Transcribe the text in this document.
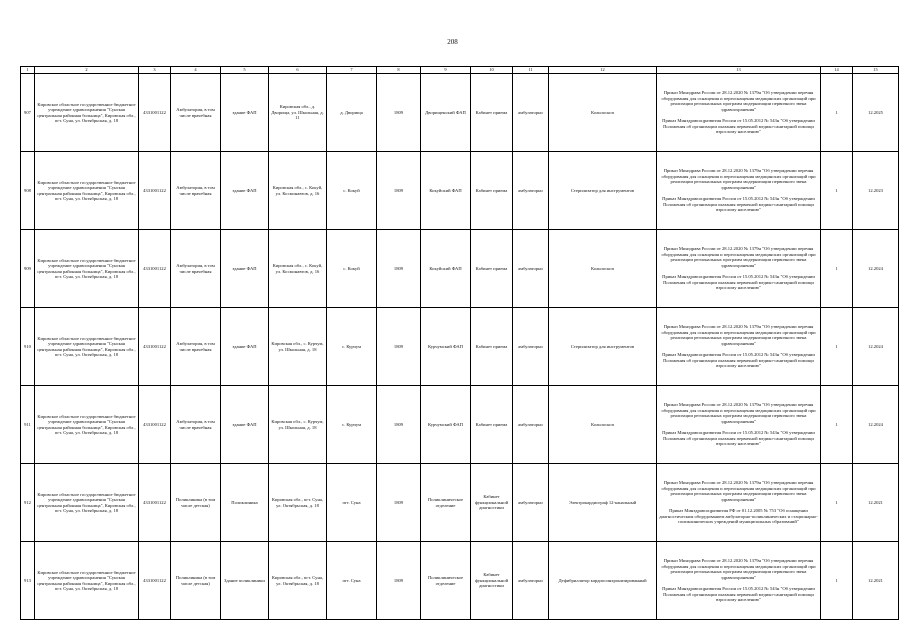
208
1	2	3	4	5	6	7	8	9	10	11	12	13	14	15
907	Кировское областное государственное бюджетное учреждение здравоохранения "Сунская центральная районная больница", Кировская обл., пгт. Суна, ул. Октябрьская, д. 18	4331001122	Амбулатория, в том числе врачебная	здание ФАП	Кировская обл., д. Дворища, ул. Школьная, д. 11	д. Дворища	1809	Дворищенский ФАП	Кабинет приема	амбулаторно	Кольпоскоп	Приказ Минздрава России от 28.12.2020 № 1379н "Об утверждении перечня оборудования для оснащения и переоснащения медицинских организаций при реализации региональных программ модернизации первичного звена здравоохранения"
Приказ Минздравсоцразвития России от 15.05.2012 № 543н "Об утверждении Положения об организации оказания первичной медико-санитарной помощи взрослому населению"	1	12.2025
908	Кировское областное государственное бюджетное учреждение здравоохранения "Сунская центральная районная больница", Кировская обл., пгт. Суна, ул. Октябрьская, д. 18	4331001122	Амбулатория, в том числе врачебная	здание ФАП	Кировская обл., с. Кокуй, ул. Космонавтов, д. 16	с. Кокуй	1809	Кокуйский ФАП	Кабинет приема	амбулаторно	Стерилизатор для инструментов	Приказ Минздрава России от 28.12.2020 № 1379н "Об утверждении перечня оборудования для оснащения и переоснащения медицинских организаций при реализации региональных программ модернизации первичного звена здравоохранения"
Приказ Минздравсоцразвития России от 15.05.2012 № 543н "Об утверждении Положения об организации оказания первичной медико-санитарной помощи взрослому населению"	1	12.2023
909	Кировское областное государственное бюджетное учреждение здравоохранения "Сунская центральная районная больница", Кировская обл., пгт. Суна, ул. Октябрьская, д. 18	4331001122	Амбулатория, в том числе врачебная	здание ФАП	Кировская обл., с. Кокуй, ул. Космонавтов, д. 16	с. Кокуй	1809	Кокуйский ФАП	Кабинет приема	амбулаторно	Кольпоскоп	Приказ Минздрава России от 28.12.2020 № 1379н "Об утверждении перечня оборудования для оснащения и переоснащения медицинских организаций при реализации региональных программ модернизации первичного звена здравоохранения"
Приказ Минздравсоцразвития России от 15.05.2012 № 543н "Об утверждении Положения об организации оказания первичной медико-санитарной помощи взрослому населению"	1	12.2024
910	Кировское областное государственное бюджетное учреждение здравоохранения "Сунская центральная районная больница", Кировская обл., пгт. Суна, ул. Октябрьская, д. 18	4331001122	Амбулатория, в том числе врачебная	здание ФАП	Кировская обл., с. Курчум, ул. Школьная, д. 18	с. Курчум	1809	Курчумский ФАП	Кабинет приема	амбулаторно	Стерилизатор для инструментов	Приказ Минздрава России от 28.12.2020 № 1379н "Об утверждении перечня оборудования для оснащения и переоснащения медицинских организаций при реализации региональных программ модернизации первичного звена здравоохранения"
Приказ Минздравсоцразвития России от 15.05.2012 № 543н "Об утверждении Положения об организации оказания первичной медико-санитарной помощи взрослому населению"	1	12.2024
911	Кировское областное государственное бюджетное учреждение здравоохранения "Сунская центральная районная больница", Кировская обл., пгт. Суна, ул. Октябрьская, д. 18	4331001122	Амбулатория, в том числе врачебная	здание ФАП	Кировская обл., с. Курчум, ул. Школьная, д. 18	с. Курчум	1809	Курчумский ФАП	Кабинет приема	амбулаторно	Кольпоскоп	Приказ Минздрава России от 28.12.2020 № 1379н "Об утверждении перечня оборудования для оснащения и переоснащения медицинских организаций при реализации региональных программ модернизации первичного звена здравоохранения"
Приказ Минздравсоцразвития России от 15.05.2012 № 543н "Об утверждении Положения об организации оказания первичной медико-санитарной помощи взрослому населению"	1	12.2024
912	Кировское областное государственное бюджетное учреждение здравоохранения "Сунская центральная районная больница", Кировская обл., пгт. Суна, ул. Октябрьская, д. 18	4331001122	Поликлиника (в том числе детская)	Поликлиника	Кировская обл., пгт. Суна, ул. Октябрьская, д. 18	пгт. Суна	1809	Поликлиническое отделение	Кабинет функциональной диагностики	амбулаторно	Электрокардиограф 12-канальный	Приказ Минздрава России от 28.12.2020 № 1379н "Об утверждении перечня оборудования для оснащения и переоснащения медицинских организаций при реализации региональных программ модернизации первичного звена здравоохранения"
Приказ Минздравсоцразвития РФ от 01.12.2005 № 753 "Об оснащении диагностическим оборудованием амбулаторно-поликлинических и стационарно-поликлинических учреждений муниципальных образований"	1	12.2021
913	Кировское областное государственное бюджетное учреждение здравоохранения "Сунская центральная районная больница", Кировская обл., пгт. Суна, ул. Октябрьская, д. 18	4331001122	Поликлиника (в том числе детская)	Здание поликлиники	Кировская обл., пгт. Суна, ул. Октябрьская, д. 18	пгт. Суна	1809	Поликлиническое отделение	Кабинет функциональной диагностики	амбулаторно	Дефибриллятор кардиосинхронизированный	Приказ Минздрава России от 28.12.2020 № 1379н "Об утверждении перечня оборудования для оснащения и переоснащения медицинских организаций при реализации региональных программ модернизации первичного звена здравоохранения"
Приказ Минздравсоцразвития России от 15.05.2012 № 543н "Об утверждении Положения об организации оказания первичной медико-санитарной помощи взрослому населению"	1	12.2021
